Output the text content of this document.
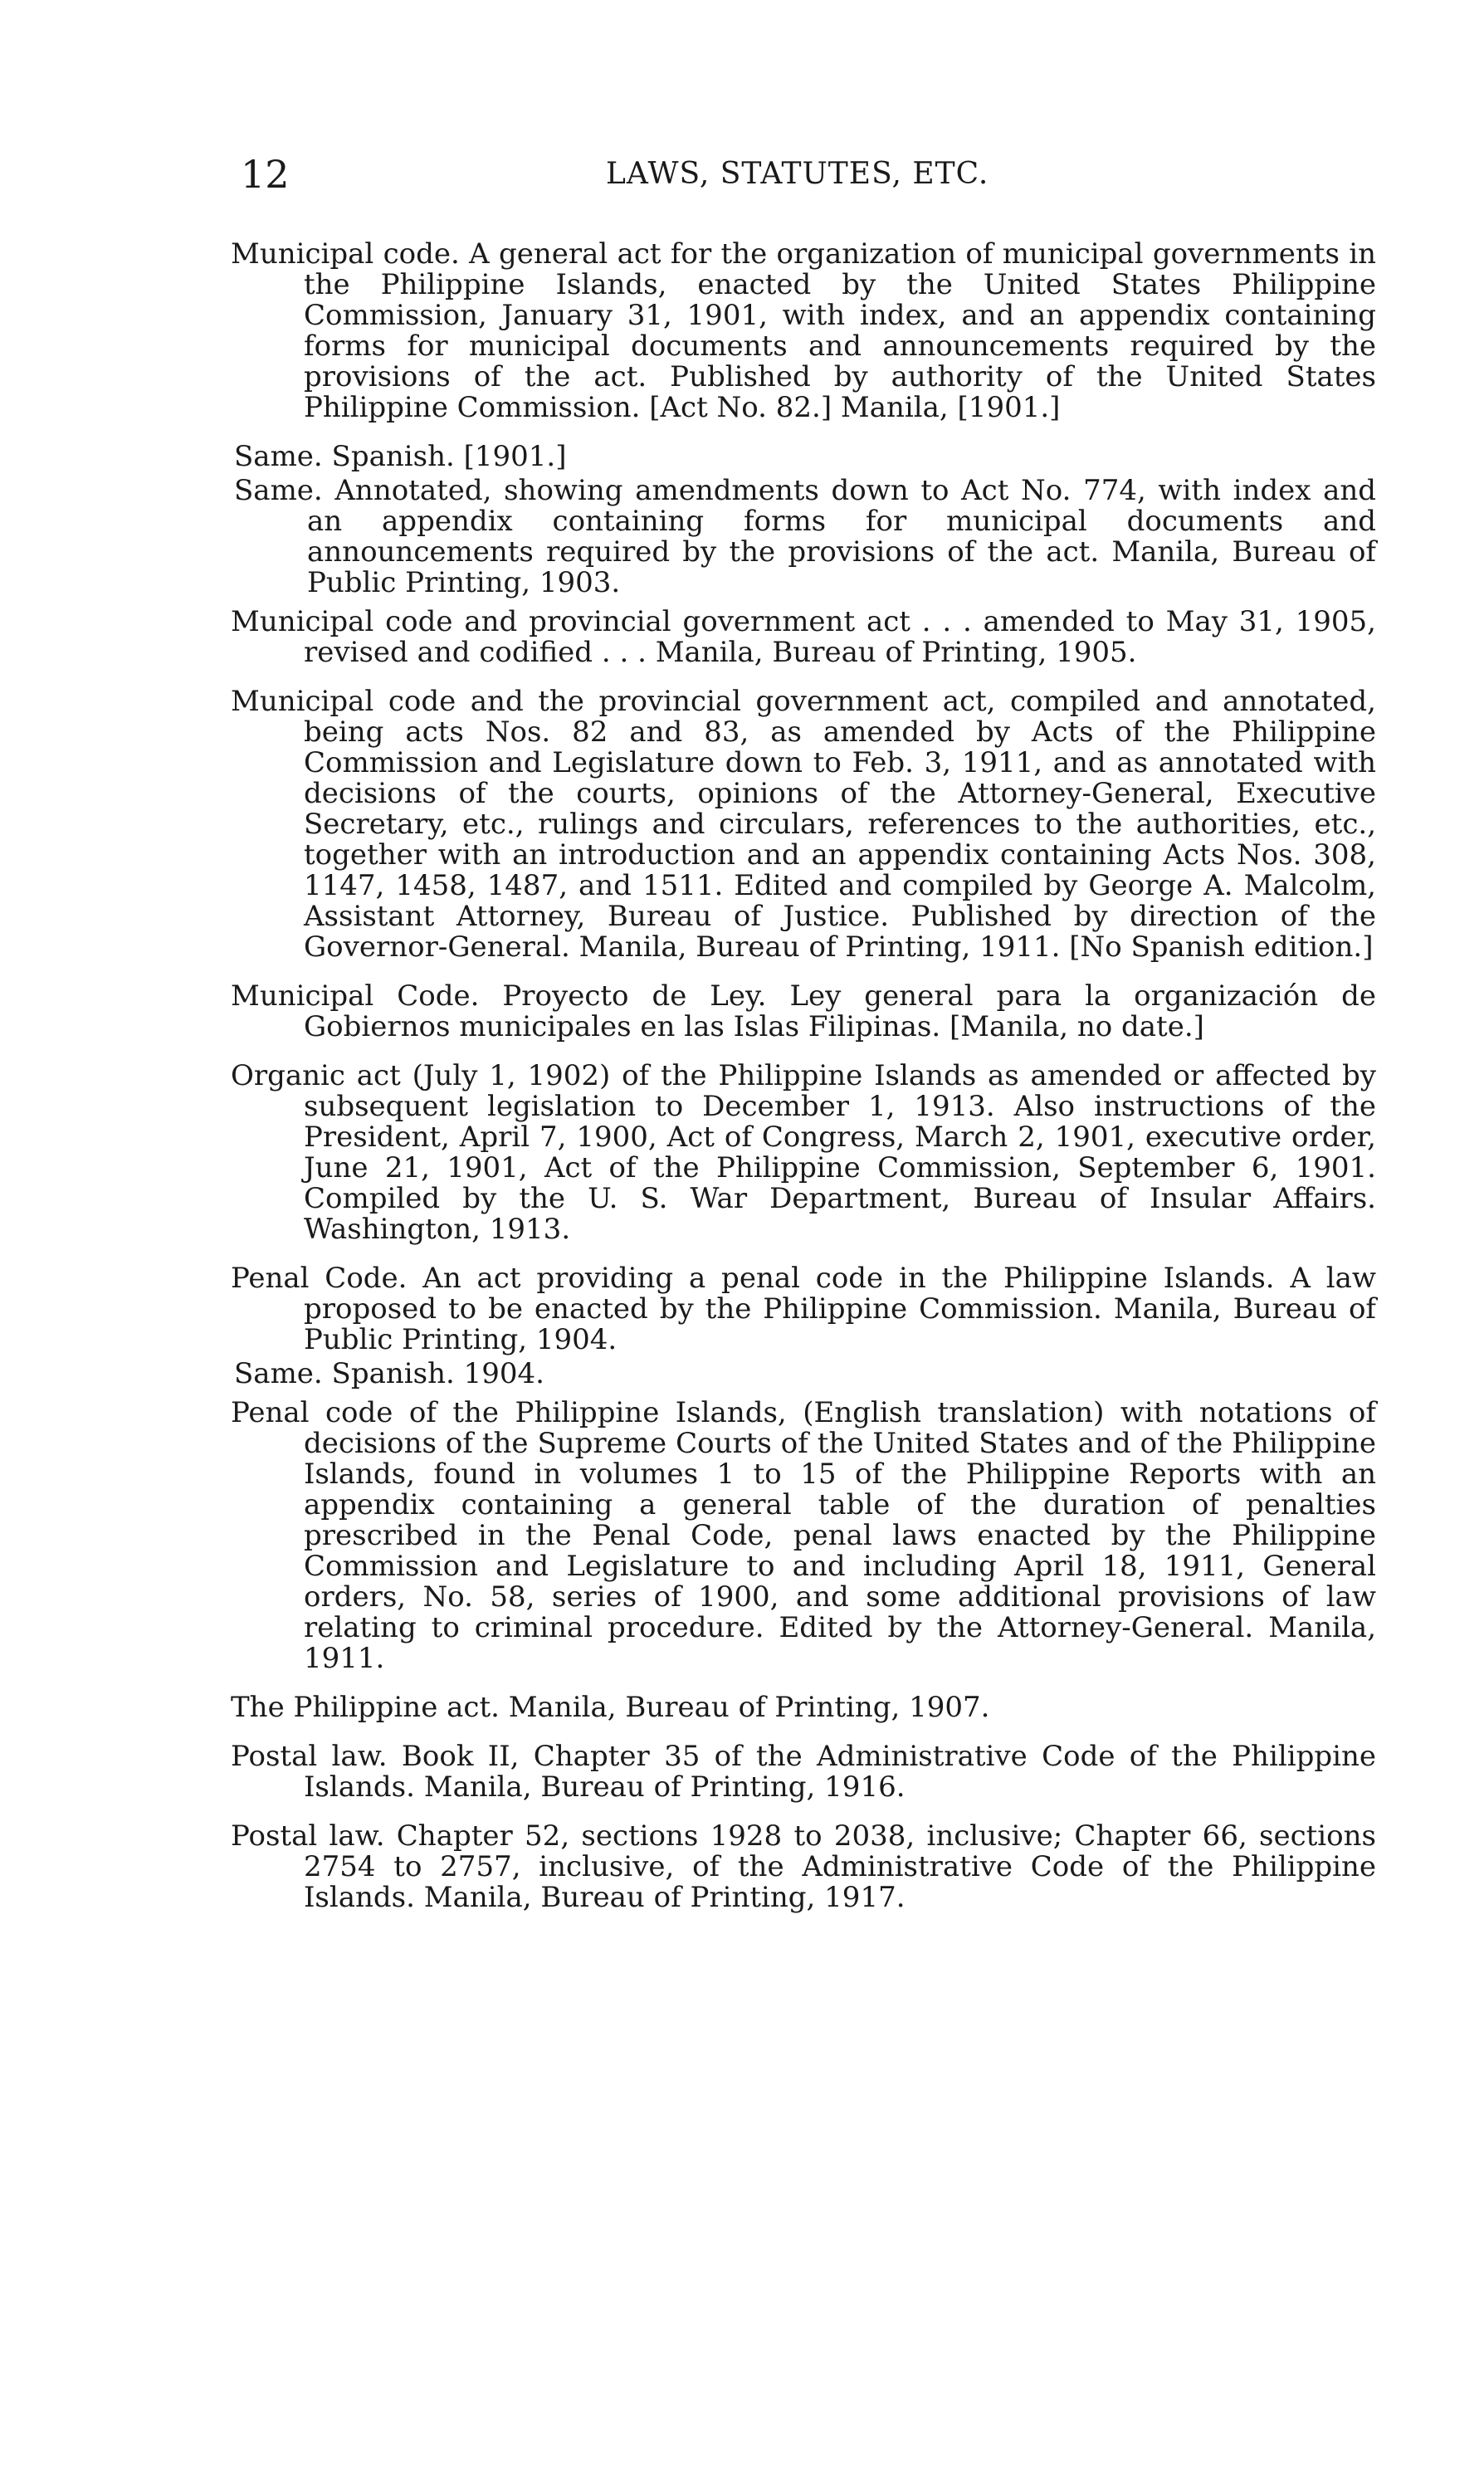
12	LAWS, STATUTES, ETC.

Municipal code. A general act for the organization of municipal governments in the Philippine Islands, enacted by the United States Philippine Commission, January 31, 1901, with index, and an appendix containing forms for municipal documents and announcements required by the provisions of the act. Published by authority of the United States Philippine Commission. [Act No. 82.] Manila, [1901.]

Same. Spanish. [1901.]

Same. Annotated, showing amendments down to Act No. 774, with index and an appendix containing forms for municipal documents and announcements required by the provisions of the act. Manila, Bureau of Public Printing, 1903.

Municipal code and provincial government act . . . amended to May 31, 1905, revised and codified . . . Manila, Bureau of Printing, 1905.

Municipal code and the provincial government act, compiled and annotated, being acts Nos. 82 and 83, as amended by Acts of the Philippine Commission and Legislature down to Feb. 3, 1911, and as annotated with decisions of the courts, opinions of the Attorney-General, Executive Secretary, etc., rulings and circulars, references to the authorities, etc., together with an introduction and an appendix containing Acts Nos. 308, 1147, 1458, 1487, and 1511. Edited and compiled by George A. Malcolm, Assistant Attorney, Bureau of Justice. Published by direction of the Governor-General. Manila, Bureau of Printing, 1911. [No Spanish edition.]

Municipal Code. Proyecto de Ley. Ley general para la organización de Gobiernos municipales en las Islas Filipinas. [Manila, no date.]

Organic act (July 1, 1902) of the Philippine Islands as amended or affected by subsequent legislation to December 1, 1913. Also instructions of the President, April 7, 1900, Act of Congress, March 2, 1901, executive order, June 21, 1901, Act of the Philippine Commission, September 6, 1901. Compiled by the U. S. War Department, Bureau of Insular Affairs. Washington, 1913.

Penal Code. An act providing a penal code in the Philippine Islands. A law proposed to be enacted by the Philippine Commission. Manila, Bureau of Public Printing, 1904.

Same. Spanish. 1904.

Penal code of the Philippine Islands, (English translation) with notations of decisions of the Supreme Courts of the United States and of the Philippine Islands, found in volumes 1 to 15 of the Philippine Reports with an appendix containing a general table of the duration of penalties prescribed in the Penal Code, penal laws enacted by the Philippine Commission and Legislature to and including April 18, 1911, General orders, No. 58, series of 1900, and some additional provisions of law relating to criminal procedure. Edited by the Attorney-General. Manila, 1911.

The Philippine act. Manila, Bureau of Printing, 1907.

Postal law. Book II, Chapter 35 of the Administrative Code of the Philippine Islands. Manila, Bureau of Printing, 1916.

Postal law. Chapter 52, sections 1928 to 2038, inclusive; Chapter 66, sections 2754 to 2757, inclusive, of the Administrative Code of the Philippine Islands. Manila, Bureau of Printing, 1917.
